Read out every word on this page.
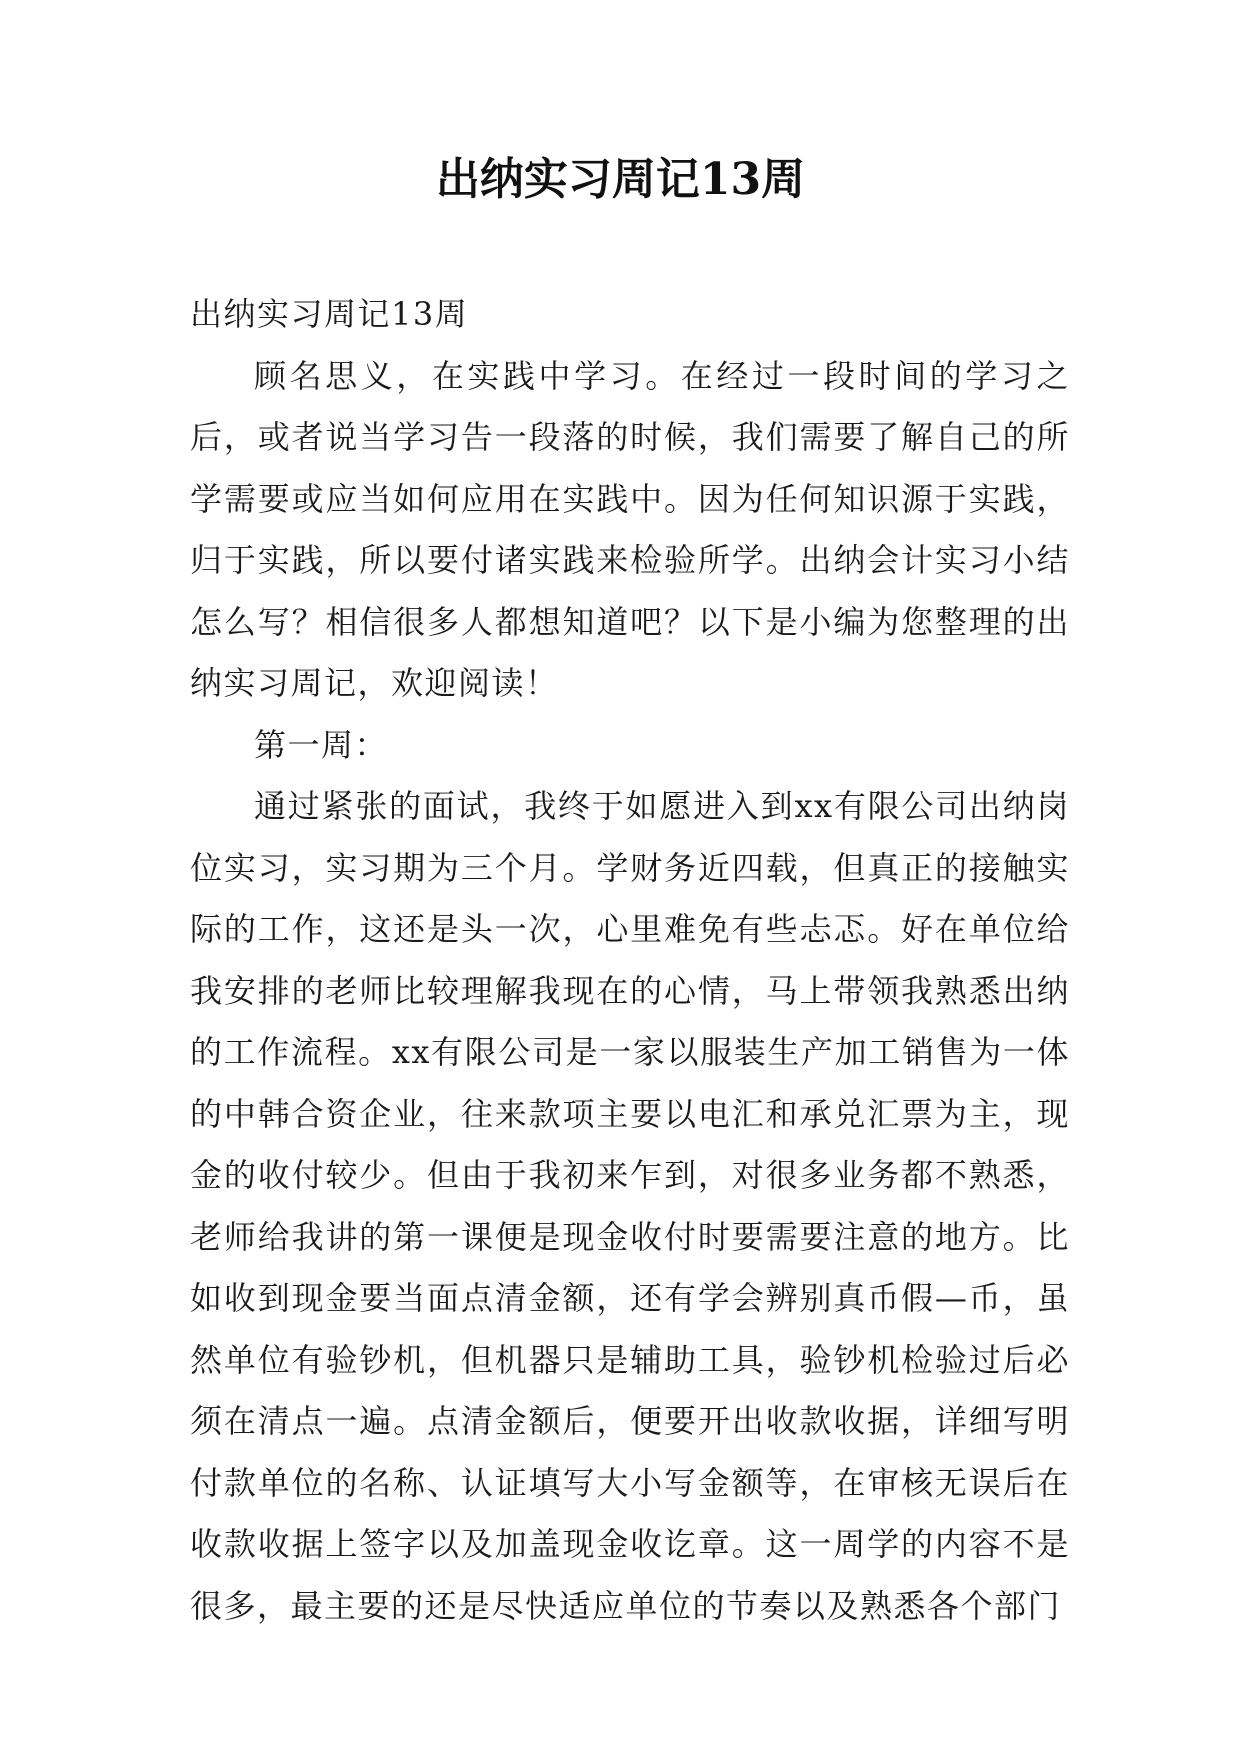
出纳实习周记13周

出纳实习周记13周

顾名思义，在实践中学习。在经过一段时间的学习之后，或者说当学习告一段落的时候，我们需要了解自己的所学需要或应当如何应用在实践中。因为任何知识源于实践，归于实践，所以要付诸实践来检验所学。出纳会计实习小结怎么写？相信很多人都想知道吧？以下是小编为您整理的出纳实习周记，欢迎阅读！

第一周：

通过紧张的面试，我终于如愿进入到xx有限公司出纳岗位实习，实习期为三个月。学财务近四载，但真正的接触实际的工作，这还是头一次，心里难免有些忐忑。好在单位给我安排的老师比较理解我现在的心情，马上带领我熟悉出纳的工作流程。xx有限公司是一家以服装生产加工销售为一体的中韩合资企业，往来款项主要以电汇和承兑汇票为主，现金的收付较少。但由于我初来乍到，对很多业务都不熟悉，老师给我讲的第一课便是现金收付时要需要注意的地方。比如收到现金要当面点清金额，还有学会辨别真币假—币，虽然单位有验钞机，但机器只是辅助工具，验钞机检验过后必须在清点一遍。点清金额后，便要开出收款收据，详细写明付款单位的名称、认证填写大小写金额等，在审核无误后在收款收据上签字以及加盖现金收讫章。这一周学的内容不是很多，最主要的还是尽快适应单位的节奏以及熟悉各个部门
